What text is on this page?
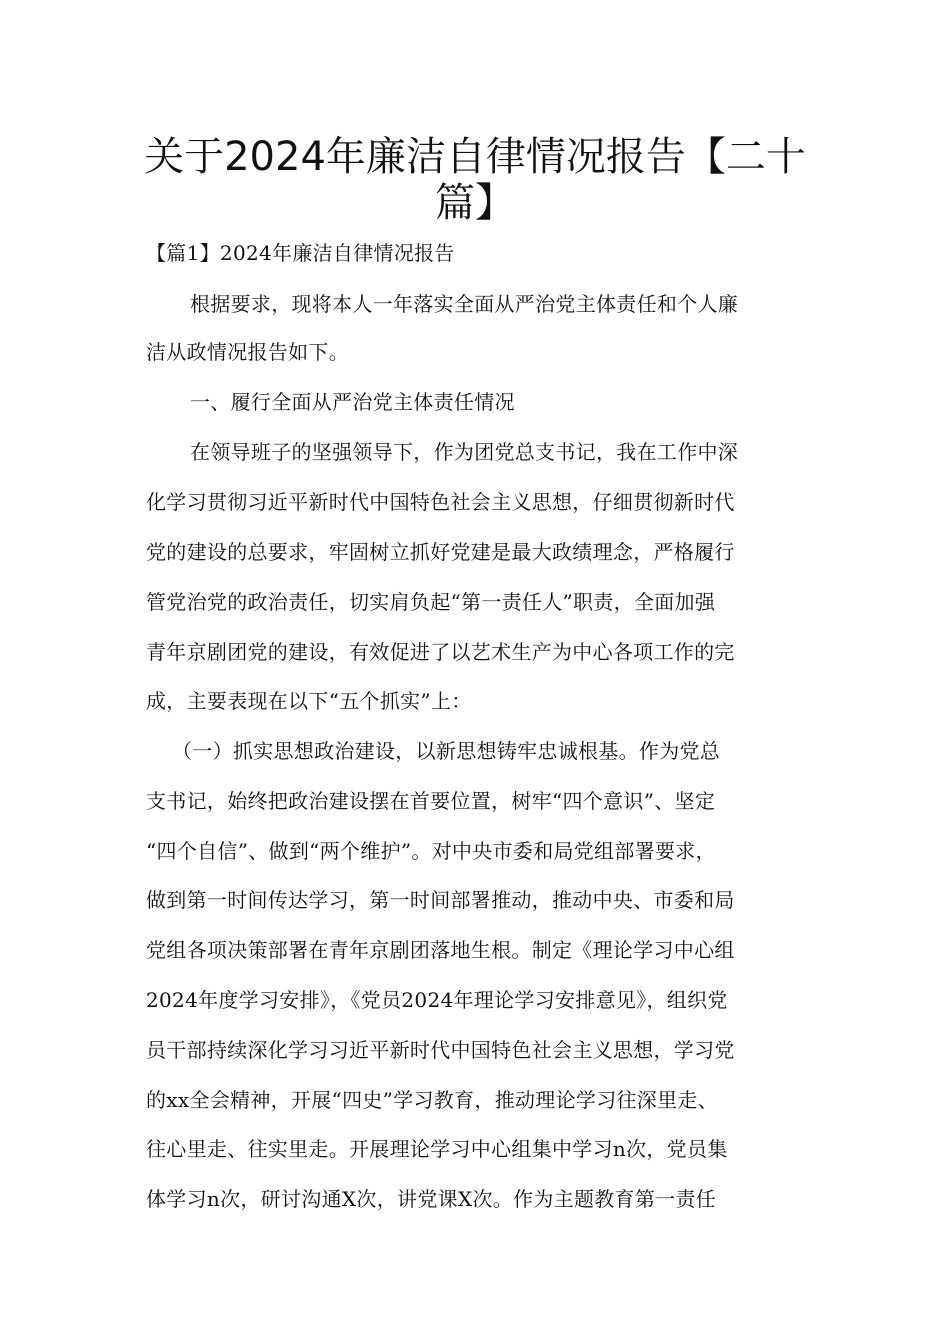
关于2024年廉洁自律情况报告【二十
篇】
【篇1】2024年廉洁自律情况报告
根据要求，现将本人一年落实全面从严治党主体责任和个人廉
洁从政情况报告如下。
一、履行全面从严治党主体责任情况
在领导班子的坚强领导下，作为团党总支书记，我在工作中深
化学习贯彻习近平新时代中国特色社会主义思想，仔细贯彻新时代
党的建设的总要求，牢固树立抓好党建是最大政绩理念，严格履行
管党治党的政治责任，切实肩负起“第一责任人”职责，全面加强
青年京剧团党的建设，有效促进了以艺术生产为中心各项工作的完
成，主要表现在以下“五个抓实”上：
（一）抓实思想政治建设，以新思想铸牢忠诚根基。作为党总
支书记，始终把政治建设摆在首要位置，树牢“四个意识”、坚定
“四个自信”、做到“两个维护”。对中央市委和局党组部署要求，
做到第一时间传达学习，第一时间部署推动，推动中央、市委和局
党组各项决策部署在青年京剧团落地生根。制定《理论学习中心组
2024年度学习安排》，《党员2024年理论学习安排意见》，组织党
员干部持续深化学习习近平新时代中国特色社会主义思想，学习党
的xx全会精神，开展“四史”学习教育，推动理论学习往深里走、
往心里走、往实里走。开展理论学习中心组集中学习n次，党员集
体学习n次，研讨沟通X次，讲党课X次。作为主题教育第一责任
